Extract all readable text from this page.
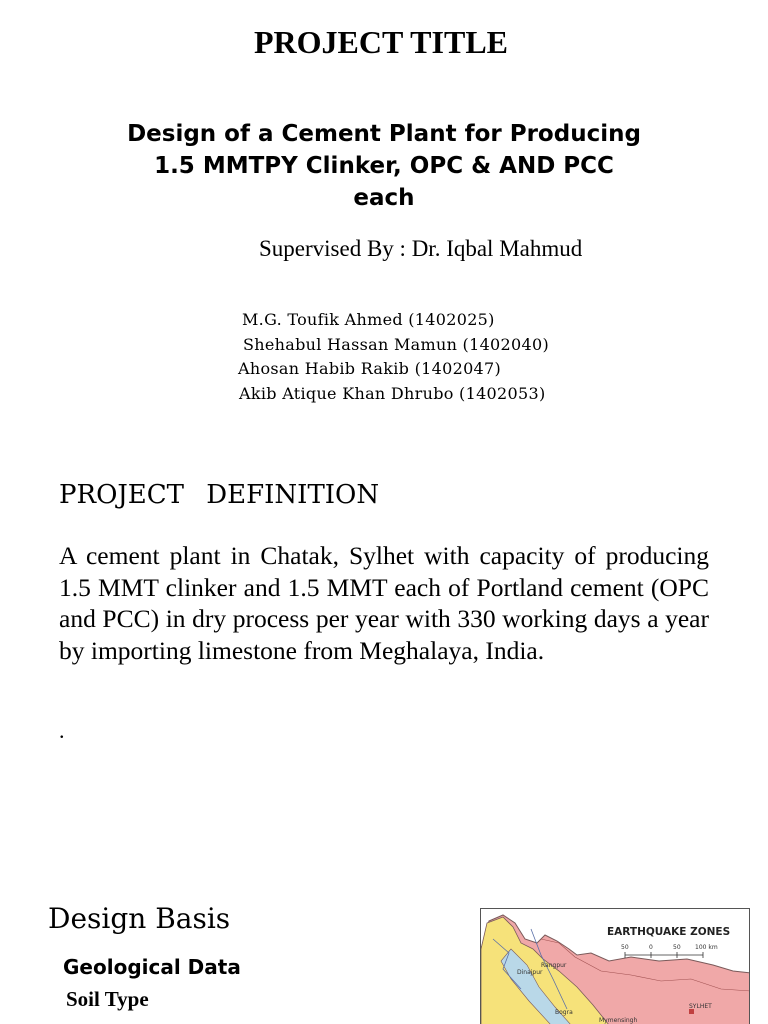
PROJECT TITLE
Design of a Cement Plant for Producing
1.5 MMTPY Clinker, OPC & AND PCC
each
Supervised By : Dr. Iqbal Mahmud
M.G. Toufik Ahmed (1402025)
Shehabul Hassan Mamun (1402040)
Ahosan Habib Rakib (1402047)
Akib Atique Khan Dhrubo (1402053)
PROJECT DEFINITION
A cement plant in Chatak, Sylhet with capacity of producing 1.5 MMT clinker and 1.5 MMT each of Portland cement (OPC and PCC) in dry process per year with 330 working days a year by importing limestone from Meghalaya, India.
.
Design Basis
Geological Data
Soil Type
EARTHQUAKE ZONES
50	0	50 100 km
Rangpur
Dinajpur
SYLHET
Bogra
Mymensingh
